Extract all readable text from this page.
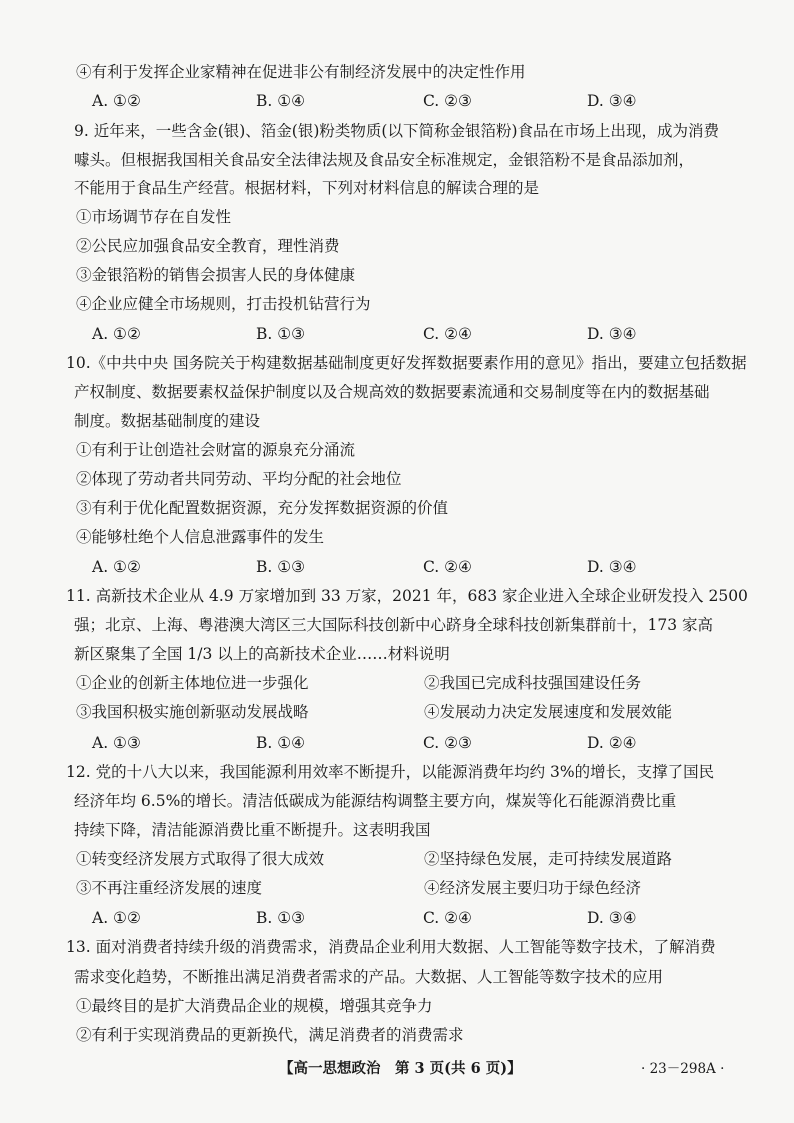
④有利于发挥企业家精神在促进非公有制经济发展中的决定性作用
A. ①②	B. ①④	C. ②③	D. ③④
9. 近年来，一些含金(银)、箔金(银)粉类物质(以下简称金银箔粉)食品在市场上出现，成为消费
噱头。但根据我国相关食品安全法律法规及食品安全标准规定，金银箔粉不是食品添加剂，
不能用于食品生产经营。根据材料，下列对材料信息的解读合理的是
①市场调节存在自发性
②公民应加强食品安全教育，理性消费
③金银箔粉的销售会损害人民的身体健康
④企业应健全市场规则，打击投机钻营行为
A. ①②	B. ①③	C. ②④	D. ③④
10.《中共中央 国务院关于构建数据基础制度更好发挥数据要素作用的意见》指出，要建立包括数据
产权制度、数据要素权益保护制度以及合规高效的数据要素流通和交易制度等在内的数据基础
制度。数据基础制度的建设
①有利于让创造社会财富的源泉充分涌流
②体现了劳动者共同劳动、平均分配的社会地位
③有利于优化配置数据资源，充分发挥数据资源的价值
④能够杜绝个人信息泄露事件的发生
A. ①②	B. ①③	C. ②④	D. ③④
11. 高新技术企业从 4.9 万家增加到 33 万家，2021 年，683 家企业进入全球企业研发投入 2500
强；北京、上海、粤港澳大湾区三大国际科技创新中心跻身全球科技创新集群前十，173 家高
新区聚集了全国 1/3 以上的高新技术企业……材料说明
①企业的创新主体地位进一步强化	②我国已完成科技强国建设任务
③我国积极实施创新驱动发展战略	④发展动力决定发展速度和发展效能
A. ①③	B. ①④	C. ②③	D. ②④
12. 党的十八大以来，我国能源利用效率不断提升，以能源消费年均约 3%的增长，支撑了国民
经济年均 6.5%的增长。清洁低碳成为能源结构调整主要方向，煤炭等化石能源消费比重
持续下降，清洁能源消费比重不断提升。这表明我国
①转变经济发展方式取得了很大成效	②坚持绿色发展，走可持续发展道路
③不再注重经济发展的速度	④经济发展主要归功于绿色经济
A. ①②	B. ①③	C. ②④	D. ③④
13. 面对消费者持续升级的消费需求，消费品企业利用大数据、人工智能等数字技术，了解消费
需求变化趋势，不断推出满足消费者需求的产品。大数据、人工智能等数字技术的应用
①最终目的是扩大消费品企业的规模，增强其竞争力
②有利于实现消费品的更新换代，满足消费者的消费需求
【高一思想政治　第 3 页(共 6 页)】	· 23－298A ·
